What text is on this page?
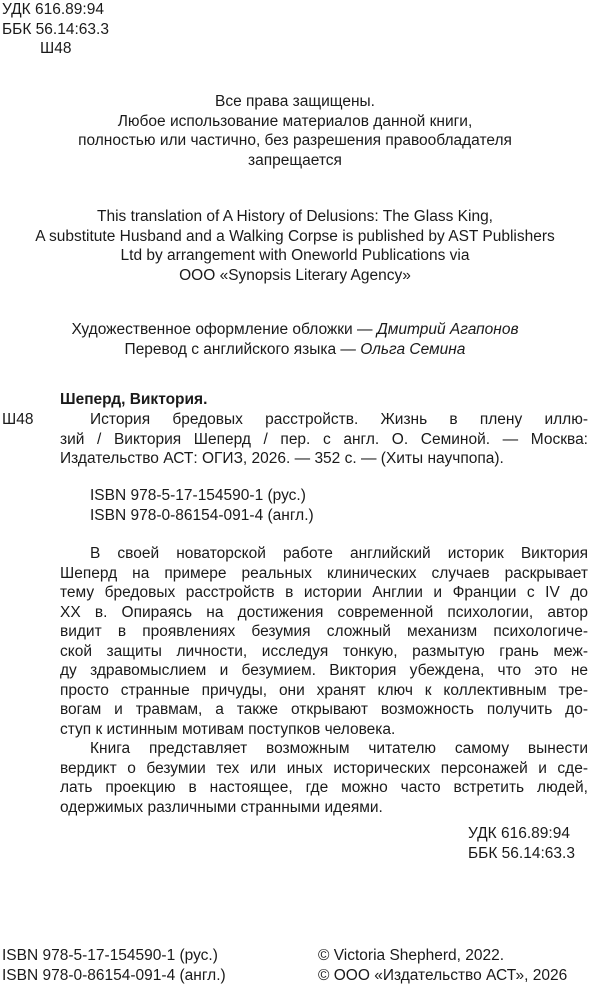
УДК 616.89:94
ББК 56.14:63.3
Ш48
Все права защищены.
Любое использование материалов данной книги,
полностью или частично, без разрешения правообладателя
запрещается
This translation of A History of Delusions: The Glass King,
A substitute Husband and a Walking Corpse is published by AST Publishers
Ltd by arrangement with Oneworld Publications via
OOO «Synopsis Literary Agency»
Художественное оформление обложки — Дмитрий Агапонов
Перевод с английского языка — Ольга Семина
Шеперд, Виктория.
Ш48	История бредовых расстройств. Жизнь в плену иллю-
зий / Виктория Шеперд / пер. с англ. О. Семиной. — Москва:
Издательство АСТ: ОГИЗ, 2026. — 352 с. — (Хиты научпопа).
ISBN 978-5-17-154590-1 (рус.)
ISBN 978-0-86154-091-4 (англ.)
В своей новаторской работе английский историк Виктория
Шеперд на примере реальных клинических случаев раскрывает
тему бредовых расстройств в истории Англии и Франции с IV до
XX в. Опираясь на достижения современной психологии, автор
видит в проявлениях безумия сложный механизм психологиче-
ской защиты личности, исследуя тонкую, размытую грань меж-
ду здравомыслием и безумием. Виктория убеждена, что это не
просто странные причуды, они хранят ключ к коллективным тре-
вогам и травмам, а также открывают возможность получить до-
ступ к истинным мотивам поступков человека.
Книга представляет возможным читателю самому вынести
вердикт о безумии тех или иных исторических персонажей и сде-
лать проекцию в настоящее, где можно часто встретить людей,
одержимых различными странными идеями.
УДК 616.89:94
ББК 56.14:63.3
ISBN 978-5-17-154590-1 (рус.)
ISBN 978-0-86154-091-4 (англ.)
© Victoria Shepherd, 2022.
© ООО «Издательство АСТ», 2026
